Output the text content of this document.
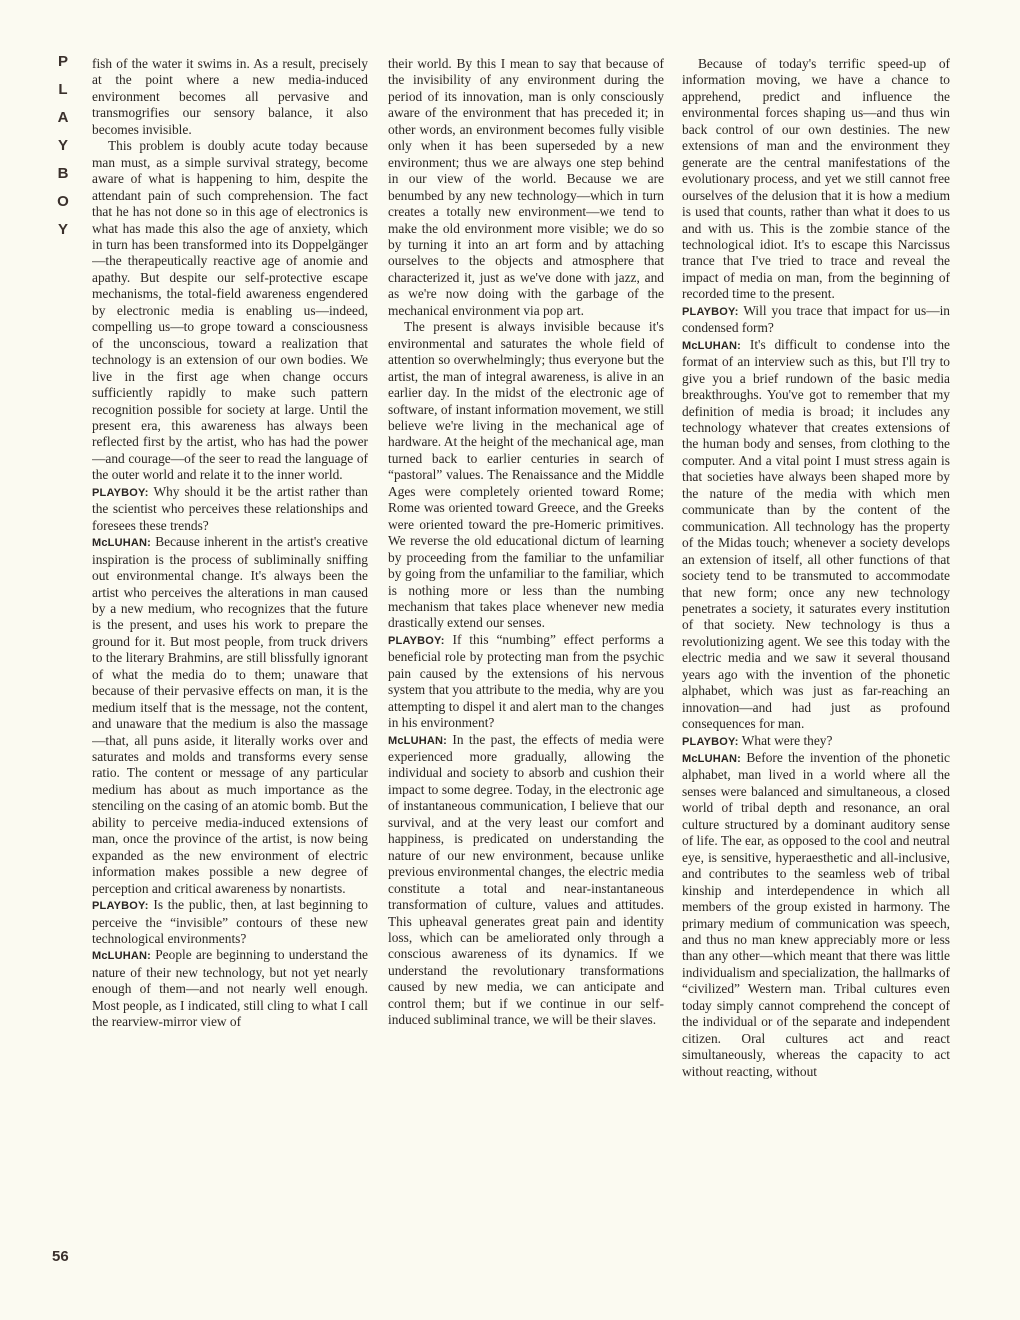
P
L
A
Y
B
O
Y
56

fish of the water it swims in. As a result, precisely at the point where a new media-induced environment becomes all pervasive and transmogrifies our sensory balance, it also becomes invisible.

This problem is doubly acute today because man must, as a simple survival strategy, become aware of what is happening to him, despite the attendant pain of such comprehension. The fact that he has not done so in this age of electronics is what has made this also the age of anxiety, which in turn has been transformed into its Doppelgänger—the therapeutically reactive age of anomie and apathy. But despite our self-protective escape mechanisms, the total-field awareness engendered by electronic media is enabling us—indeed, compelling us—to grope toward a consciousness of the unconscious, toward a realization that technology is an extension of our own bodies. We live in the first age when change occurs sufficiently rapidly to make such pattern recognition possible for society at large. Until the present era, this awareness has always been reflected first by the artist, who has had the power—and courage—of the seer to read the language of the outer world and relate it to the inner world.

PLAYBOY: Why should it be the artist rather than the scientist who perceives these relationships and foresees these trends?

McLUHAN: Because inherent in the artist's creative inspiration is the process of subliminally sniffing out environmental change. It's always been the artist who perceives the alterations in man caused by a new medium, who recognizes that the future is the present, and uses his work to prepare the ground for it. But most people, from truck drivers to the literary Brahmins, are still blissfully ignorant of what the media do to them; unaware that because of their pervasive effects on man, it is the medium itself that is the message, not the content, and unaware that the medium is also the massage—that, all puns aside, it literally works over and saturates and molds and transforms every sense ratio. The content or message of any particular medium has about as much importance as the stenciling on the casing of an atomic bomb. But the ability to perceive media-induced extensions of man, once the province of the artist, is now being expanded as the new environment of electric information makes possible a new degree of perception and critical awareness by nonartists.

PLAYBOY: Is the public, then, at last beginning to perceive the “invisible” contours of these new technological environments?

McLUHAN: People are beginning to understand the nature of their new technology, but not yet nearly enough of them—and not nearly well enough. Most people, as I indicated, still cling to what I call the rearview-mirror view of

their world. By this I mean to say that because of the invisibility of any environment during the period of its innovation, man is only consciously aware of the environment that has preceded it; in other words, an environment becomes fully visible only when it has been superseded by a new environment; thus we are always one step behind in our view of the world. Because we are benumbed by any new technology—which in turn creates a totally new environment—we tend to make the old environment more visible; we do so by turning it into an art form and by attaching ourselves to the objects and atmosphere that characterized it, just as we've done with jazz, and as we're now doing with the garbage of the mechanical environment via pop art.

The present is always invisible because it's environmental and saturates the whole field of attention so overwhelmingly; thus everyone but the artist, the man of integral awareness, is alive in an earlier day. In the midst of the electronic age of software, of instant information movement, we still believe we're living in the mechanical age of hardware. At the height of the mechanical age, man turned back to earlier centuries in search of “pastoral” values. The Renaissance and the Middle Ages were completely oriented toward Rome; Rome was oriented toward Greece, and the Greeks were oriented toward the pre-Homeric primitives. We reverse the old educational dictum of learning by proceeding from the familiar to the unfamiliar by going from the unfamiliar to the familiar, which is nothing more or less than the numbing mechanism that takes place whenever new media drastically extend our senses.

PLAYBOY: If this “numbing” effect performs a beneficial role by protecting man from the psychic pain caused by the extensions of his nervous system that you attribute to the media, why are you attempting to dispel it and alert man to the changes in his environment?

McLUHAN: In the past, the effects of media were experienced more gradually, allowing the individual and society to absorb and cushion their impact to some degree. Today, in the electronic age of instantaneous communication, I believe that our survival, and at the very least our comfort and happiness, is predicated on understanding the nature of our new environment, because unlike previous environmental changes, the electric media constitute a total and near-instantaneous transformation of culture, values and attitudes. This upheaval generates great pain and identity loss, which can be ameliorated only through a conscious awareness of its dynamics. If we understand the revolutionary transformations caused by new media, we can anticipate and control them; but if we continue in our self-induced subliminal trance, we will be their slaves.

Because of today's terrific speed-up of information moving, we have a chance to apprehend, predict and influence the environmental forces shaping us—and thus win back control of our own destinies. The new extensions of man and the environment they generate are the central manifestations of the evolutionary process, and yet we still cannot free ourselves of the delusion that it is how a medium is used that counts, rather than what it does to us and with us. This is the zombie stance of the technological idiot. It's to escape this Narcissus trance that I've tried to trace and reveal the impact of media on man, from the beginning of recorded time to the present.

PLAYBOY: Will you trace that impact for us—in condensed form?

McLUHAN: It's difficult to condense into the format of an interview such as this, but I'll try to give you a brief rundown of the basic media breakthroughs. You've got to remember that my definition of media is broad; it includes any technology whatever that creates extensions of the human body and senses, from clothing to the computer. And a vital point I must stress again is that societies have always been shaped more by the nature of the media with which men communicate than by the content of the communication. All technology has the property of the Midas touch; whenever a society develops an extension of itself, all other functions of that society tend to be transmuted to accommodate that new form; once any new technology penetrates a society, it saturates every institution of that society. New technology is thus a revolutionizing agent. We see this today with the electric media and we saw it several thousand years ago with the invention of the phonetic alphabet, which was just as far-reaching an innovation—and had just as profound consequences for man.

PLAYBOY: What were they?

McLUHAN: Before the invention of the phonetic alphabet, man lived in a world where all the senses were balanced and simultaneous, a closed world of tribal depth and resonance, an oral culture structured by a dominant auditory sense of life. The ear, as opposed to the cool and neutral eye, is sensitive, hyperaesthetic and all-inclusive, and contributes to the seamless web of tribal kinship and interdependence in which all members of the group existed in harmony. The primary medium of communication was speech, and thus no man knew appreciably more or less than any other—which meant that there was little individualism and specialization, the hallmarks of “civilized” Western man. Tribal cultures even today simply cannot comprehend the concept of the individual or of the separate and independent citizen. Oral cultures act and react simultaneously, whereas the capacity to act without reacting, without
